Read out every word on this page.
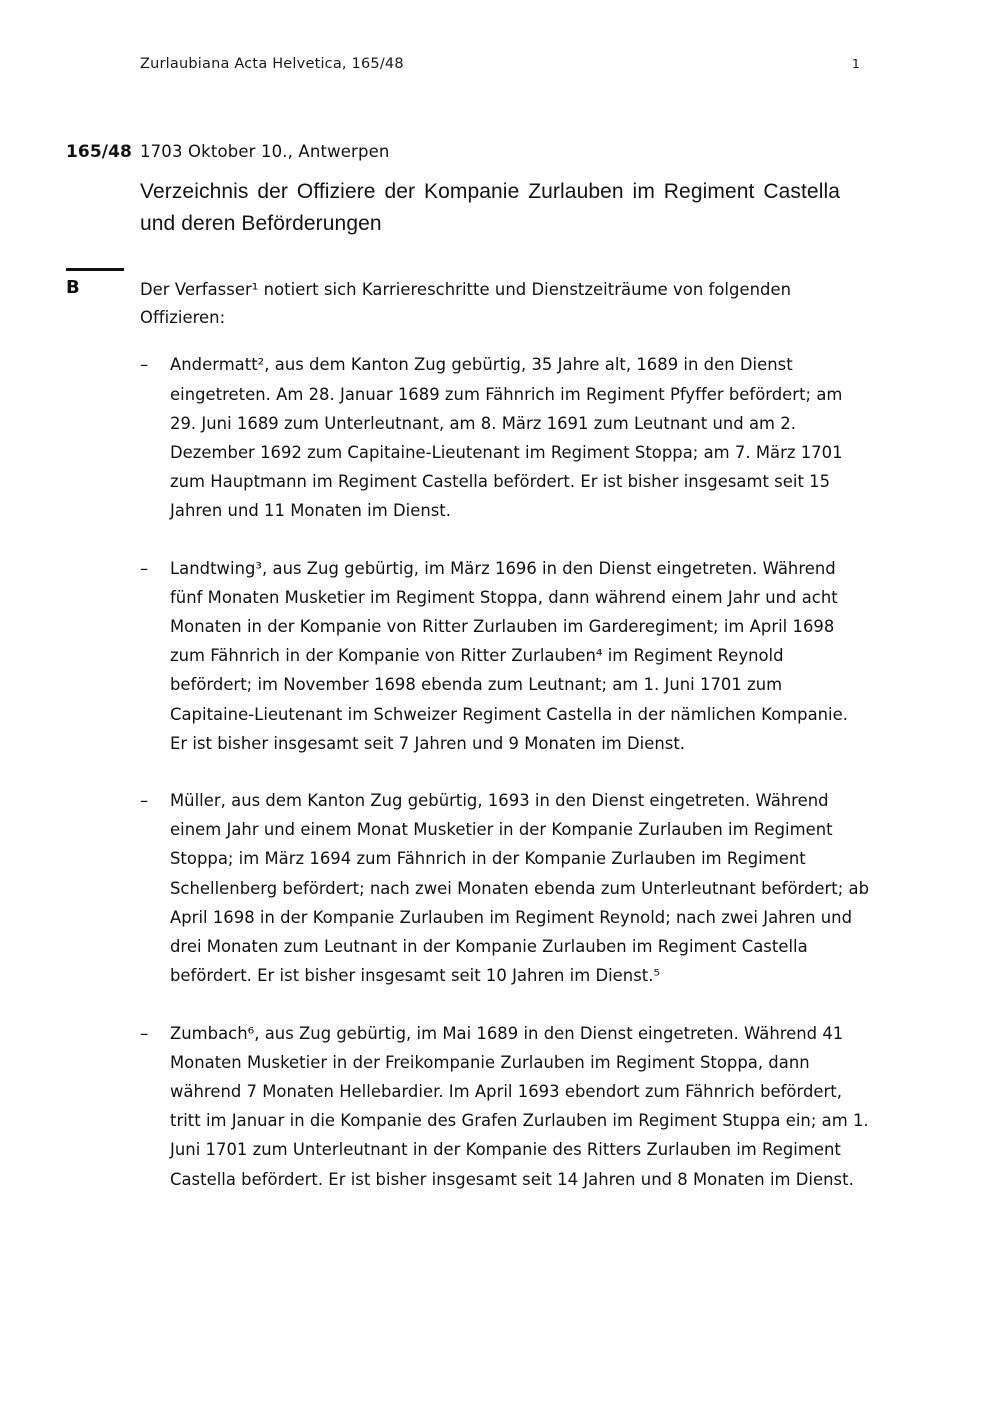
Zurlaubiana Acta Helvetica, 165/48	1
165/48 1703 Oktober 10., Antwerpen
Verzeichnis der Offiziere der Kompanie Zurlauben im Regiment Castella und deren Beförderungen
B	Der Verfasser¹ notiert sich Karriereschritte und Dienstzeiträume von folgenden Offizieren:
–	Andermatt², aus dem Kanton Zug gebürtig, 35 Jahre alt, 1689 in den Dienst eingetreten. Am 28. Januar 1689 zum Fähnrich im Regiment Pfyffer befördert; am 29. Juni 1689 zum Unterleutnant, am 8. März 1691 zum Leutnant und am 2. Dezember 1692 zum Capitaine-Lieutenant im Regiment Stoppa; am 7. März 1701 zum Hauptmann im Regiment Castella befördert. Er ist bisher insgesamt seit 15 Jahren und 11 Monaten im Dienst.
–	Landtwing³, aus Zug gebürtig, im März 1696 in den Dienst eingetreten. Während fünf Monaten Musketier im Regiment Stoppa, dann während einem Jahr und acht Monaten in der Kompanie von Ritter Zurlauben im Garderegiment; im April 1698 zum Fähnrich in der Kompanie von Ritter Zurlauben⁴ im Regiment Reynold befördert; im November 1698 ebenda zum Leutnant; am 1. Juni 1701 zum Capitaine-Lieutenant im Schweizer Regiment Castella in der nämlichen Kompanie. Er ist bisher insgesamt seit 7 Jahren und 9 Monaten im Dienst.
–	Müller, aus dem Kanton Zug gebürtig, 1693 in den Dienst eingetreten. Während einem Jahr und einem Monat Musketier in der Kompanie Zurlauben im Regiment Stoppa; im März 1694 zum Fähnrich in der Kompanie Zurlauben im Regiment Schellenberg befördert; nach zwei Monaten ebenda zum Unterleutnant befördert; ab April 1698 in der Kompanie Zurlauben im Regiment Reynold; nach zwei Jahren und drei Monaten zum Leutnant in der Kompanie Zurlauben im Regiment Castella befördert. Er ist bisher insgesamt seit 10 Jahren im Dienst.⁵
–	Zumbach⁶, aus Zug gebürtig, im Mai 1689 in den Dienst eingetreten. Während 41 Monaten Musketier in der Freikompanie Zurlauben im Regiment Stoppa, dann während 7 Monaten Hellebardier. Im April 1693 ebendort zum Fähnrich befördert, tritt im Januar in die Kompanie des Grafen Zurlauben im Regiment Stuppa ein; am 1. Juni 1701 zum Unterleutnant in der Kompanie des Ritters Zurlauben im Regiment Castella befördert. Er ist bisher insgesamt seit 14 Jahren und 8 Monaten im Dienst.
